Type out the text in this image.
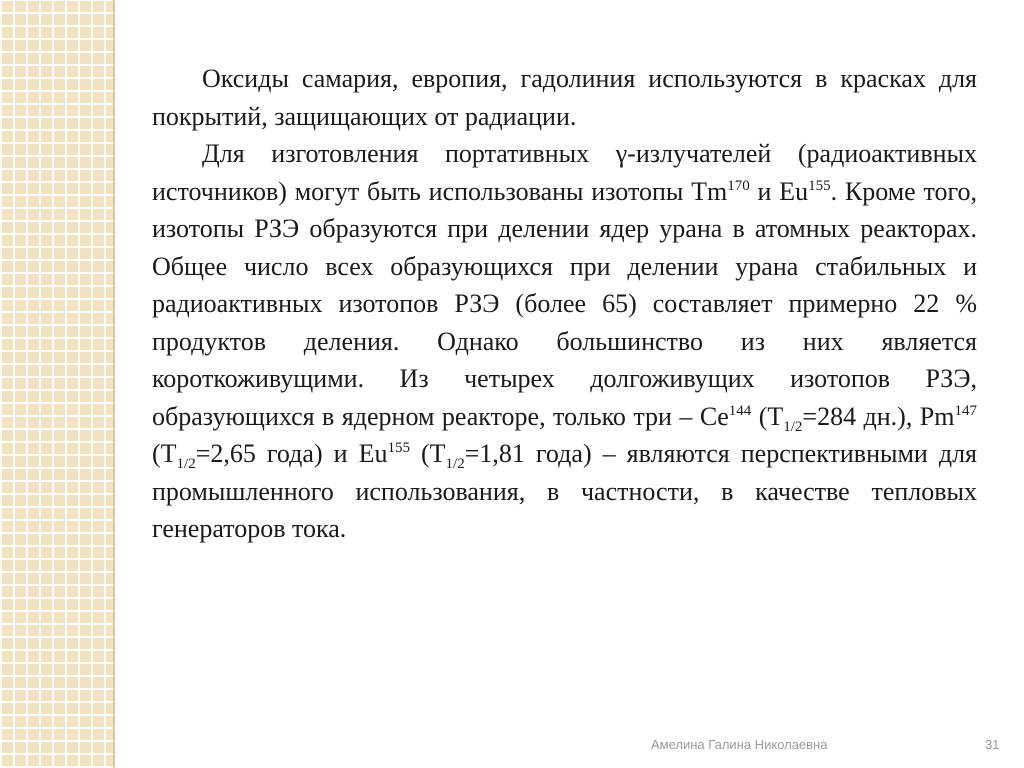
Оксиды самария, европия, гадолиния используются в красках для покрытий, защищающих от радиации.

Для изготовления портативных γ-излучателей (радиоактивных источников) могут быть использованы изотопы Tm$^{170}$ и Eu$^{155}$. Кроме того, изотопы РЗЭ образуются при делении ядер урана в атомных реакторах. Общее число всех образующихся при делении урана стабильных и радиоактивных изотопов РЗЭ (более 65) составляет примерно 22 % продуктов деления. Однако большинство из них является короткоживущими. Из четырех долгоживущих изотопов РЗЭ, образующихся в ядерном реакторе, только три – Ce$^{144}$ ($T_{1/2}=284$ дн.), Pm$^{147}$ ($T_{1/2}=2,65$ года) и Eu$^{155}$ ($T_{1/2}=1,81$ года) – являются перспективными для промышленного использования, в частности, в качестве тепловых генераторов тока.

Амелина Галина Николаевна	31
